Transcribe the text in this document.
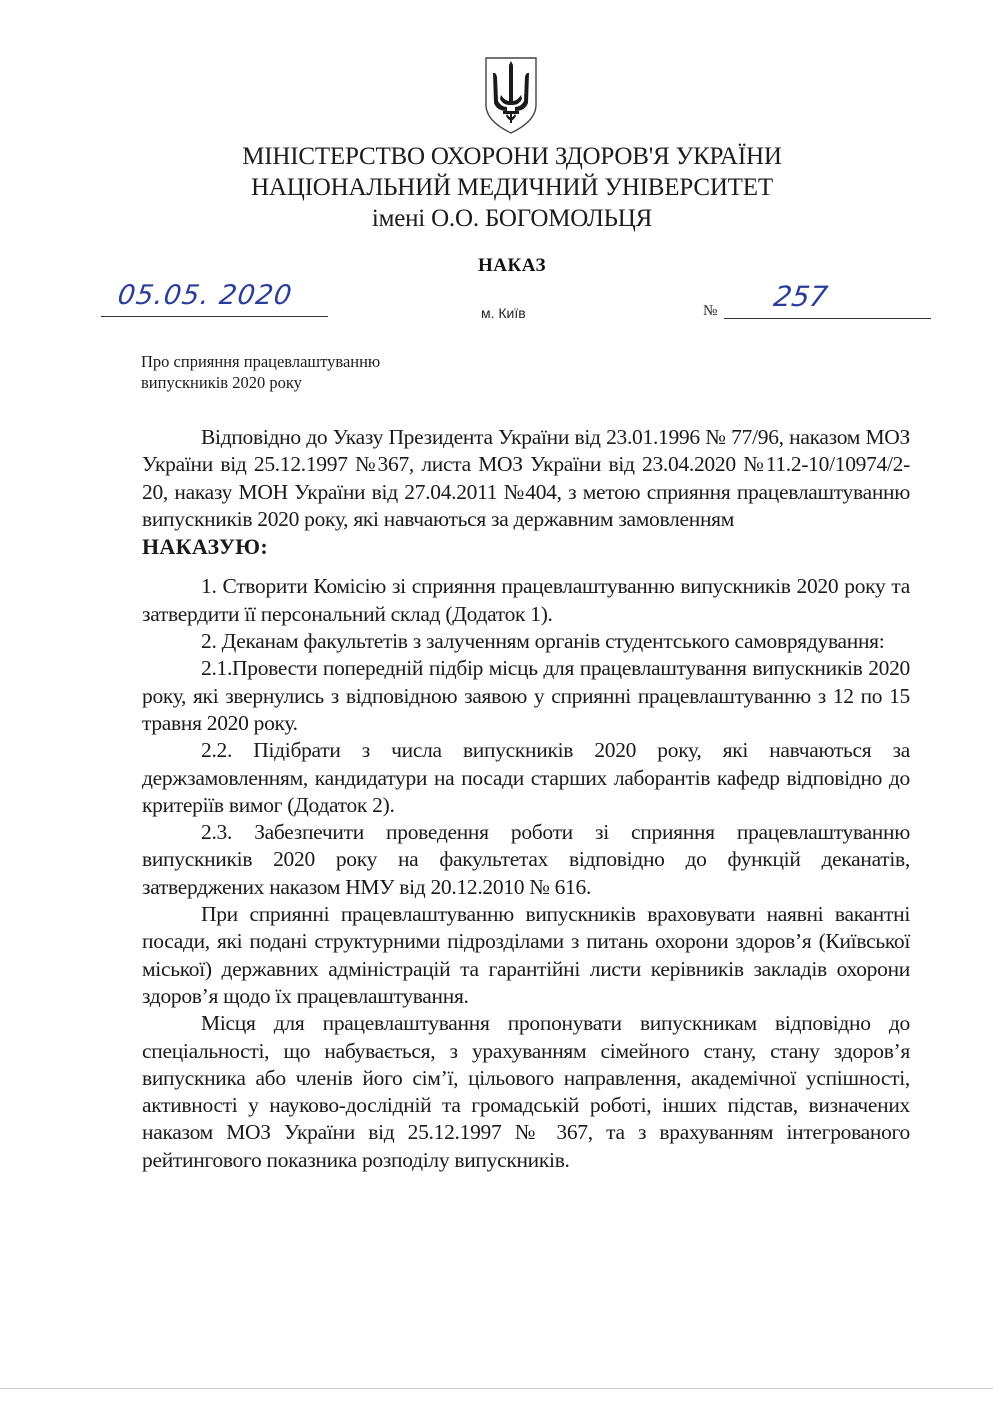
МІНІСТЕРСТВО ОХОРОНИ ЗДОРОВ'Я УКРАЇНИ
НАЦІОНАЛЬНИЙ МЕДИЧНИЙ УНІВЕРСИТЕТ
імені О.О. БОГОМОЛЬЦЯ
НАКАЗ
05.05. 2020
м. Київ	№ 257
Про сприяння працевлаштуванню
випускників 2020 року

Відповідно до Указу Президента України від 23.01.1996 № 77/96, наказом МОЗ України від 25.12.1997 №367, листа МОЗ України від 23.04.2020 №11.2-10/10974/2-20, наказу МОН України від 27.04.2011 №404, з метою сприяння працевлаштуванню випускників 2020 року, які навчаються за державним замовленням

НАКАЗУЮ:

1. Створити Комісію зі сприяння працевлаштуванню випускників 2020 року та затвердити її персональний склад (Додаток 1).

2. Деканам факультетів з залученням органів студентського самоврядування:

2.1.Провести попередній підбір місць для працевлаштування випускників 2020 року, які звернулись з відповідною заявою у сприянні працевлаштуванню з 12 по 15 травня 2020 року.

2.2. Підібрати з числа випускників 2020 року, які навчаються за держзамовленням, кандидатури на посади старших лаборантів кафедр відповідно до критеріїв вимог (Додаток 2).

2.3. Забезпечити проведення роботи зі сприяння працевлаштуванню випускників 2020 року на факультетах відповідно до функцій деканатів, затверджених наказом НМУ від 20.12.2010 № 616.

При сприянні працевлаштуванню випускників враховувати наявні вакантні посади, які подані структурними підрозділами з питань охорони здоров’я (Київської міської) державних адміністрацій та гарантійні листи керівників закладів охорони здоров’я щодо їх працевлаштування.

Місця для працевлаштування пропонувати випускникам відповідно до спеціальності, що набувається, з урахуванням сімейного стану, стану здоров’я випускника або членів його сім’ї, цільового направлення, академічної успішності, активності у науково-дослідній та громадській роботі, інших підстав, визначених наказом МОЗ України від 25.12.1997 № 367, та з врахуванням інтегрованого рейтингового показника розподілу випускників.
